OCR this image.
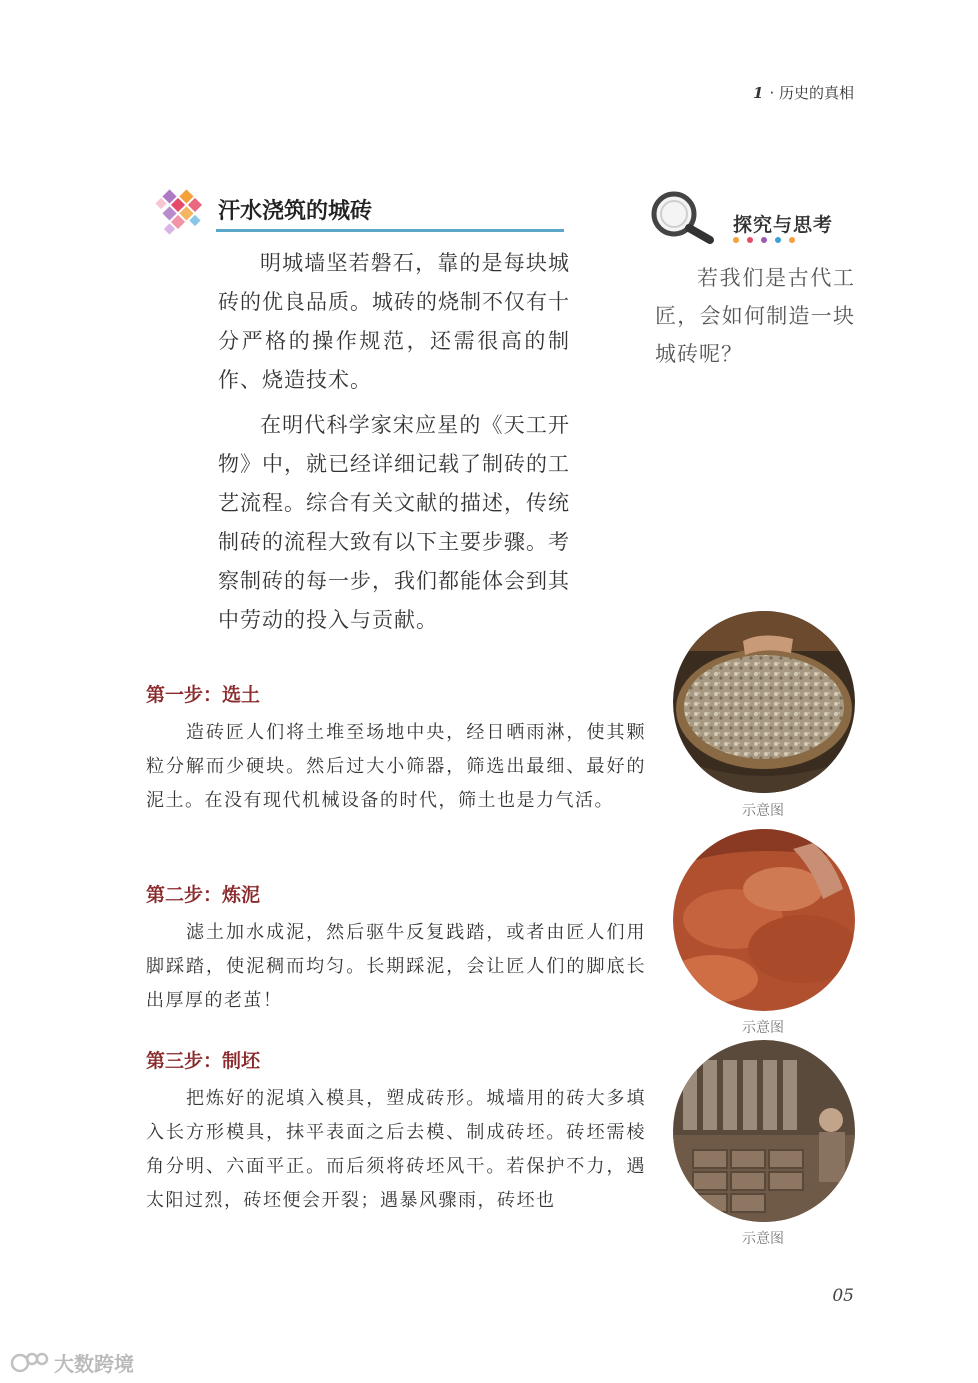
1 · 历史的真相
汗水浇筑的城砖

明城墙坚若磐石，靠的是每块城砖的优良品质。城砖的烧制不仅有十分严格的操作规范，还需很高的制作、烧造技术。

在明代科学家宋应星的《天工开物》中，就已经详细记载了制砖的工艺流程。综合有关文献的描述，传统制砖的流程大致有以下主要步骤。考察制砖的每一步，我们都能体会到其中劳动的投入与贡献。

探究与思考

若我们是古代工匠，会如何制造一块城砖呢？

第一步：选土

造砖匠人们将土堆至场地中央，经日晒雨淋，使其颗粒分解而少硬块。然后过大小筛器，筛选出最细、最好的泥土。在没有现代机械设备的时代，筛土也是力气活。

第二步：炼泥

滤土加水成泥，然后驱牛反复践踏，或者由匠人们用脚踩踏，使泥稠而均匀。长期踩泥，会让匠人们的脚底长出厚厚的老茧！

第三步：制坯

把炼好的泥填入模具，塑成砖形。城墙用的砖大多填入长方形模具，抹平表面之后去模、制成砖坯。砖坯需棱角分明、六面平正。而后须将砖坯风干。若保护不力，遇太阳过烈，砖坯便会开裂；遇暴风骤雨，砖坯也

示意图
示意图
示意图
05
大数跨境
